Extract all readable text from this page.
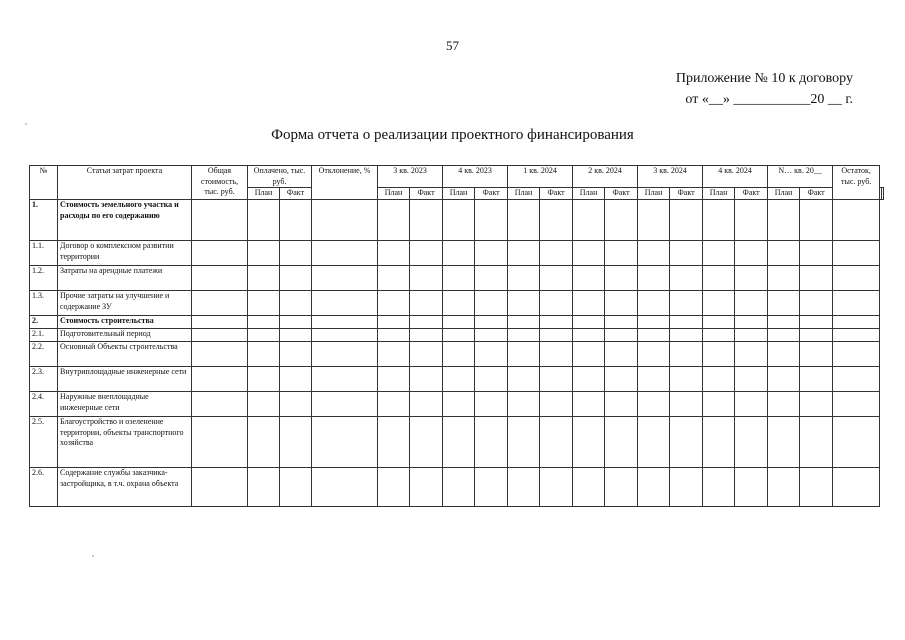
57
Приложение № 10 к договору
от «__» ___________20 __ г.
Форма отчета о реализации проектного финансирования
№	Статьи затрат проекта	Общая стоимость, тыс. руб.	Оплачено, тыс. руб.		Отклонение, %	3 кв. 2023		4 кв. 2023		1 кв. 2024		2 кв. 2024		3 кв. 2024		4 кв. 2024		N… кв. 20__		Остаток, тыс. руб.		
			План	Факт		План	Факт	План	Факт	План	Факт	План	Факт	План	Факт	План	Факт	План	Факт		
1.	Стоимость земельного участка и расходы по его содержанию																					
1.1.	Договор о комплексном развитии территории																					
1.2.	Затраты на арендные платежи																					
1.3.	Прочие затраты на улучшение и содержание ЗУ																					
2.	Стоимость строительства																					
2.1.	Подготовительный период																					
2.2.	Основный Объекты строительства																					
2.3.	Внутриплощадные инженерные сети																					
2.4.	Наружные внеплощадные инженерные сети																					
2.5.	Благоустройство и озеленение территории, объекты транспортного хозяйства																					
2.6.	Содержание службы заказчика-застройщика, в т.ч. охрана объекта																					
